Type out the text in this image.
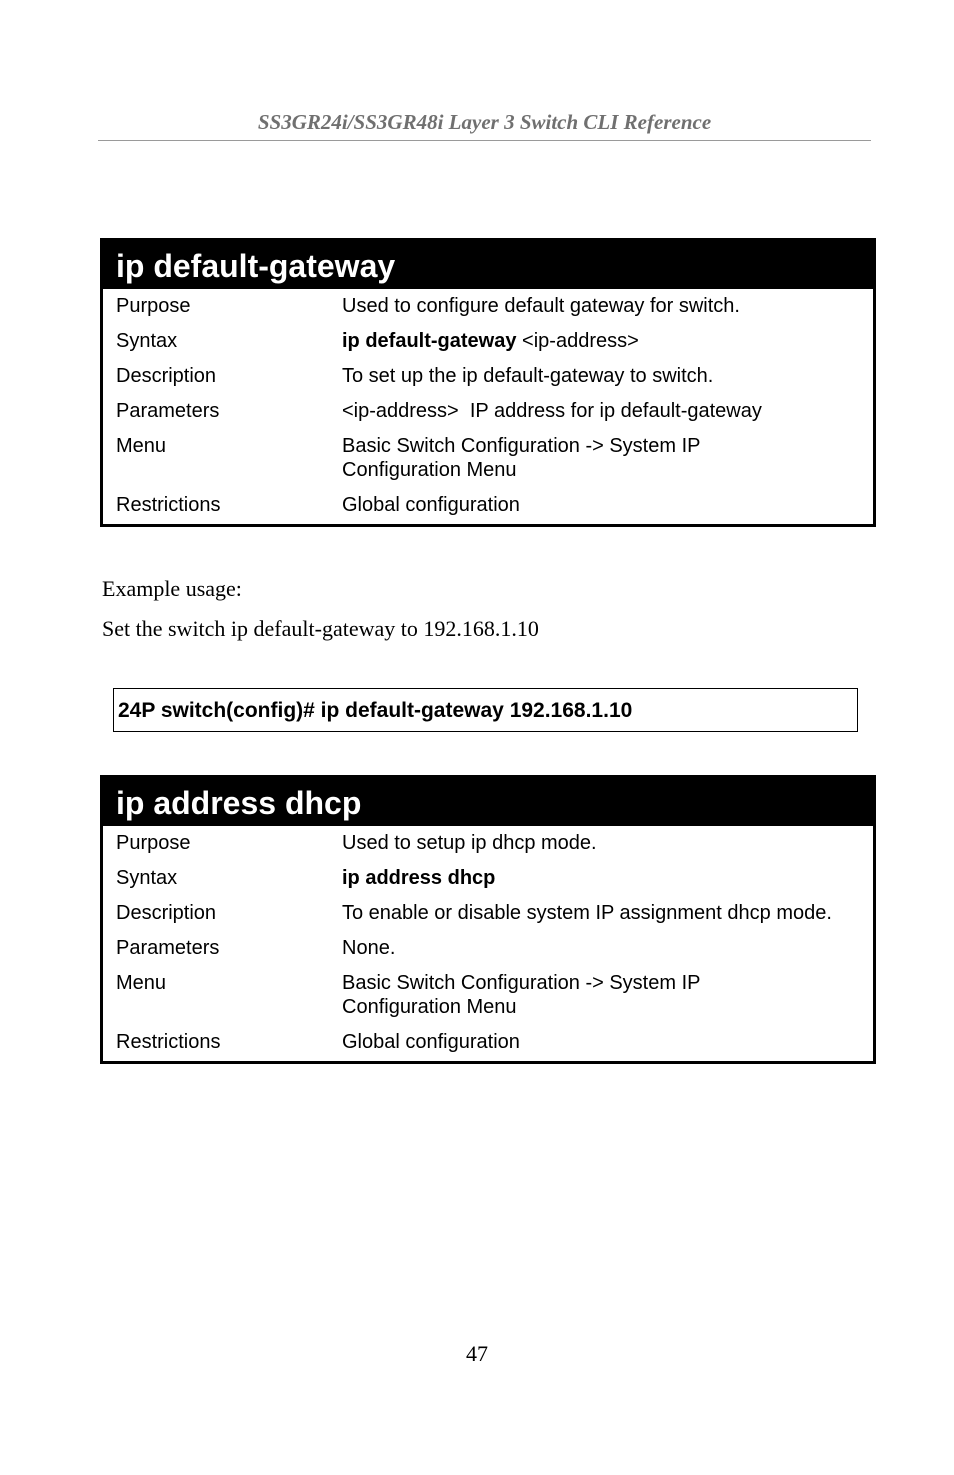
SS3GR24i/SS3GR48i Layer 3 Switch CLI Reference
ip default-gateway
Purpose	Used to configure default gateway for switch.
Syntax	ip default-gateway <ip-address>
Description	To set up the ip default-gateway to switch.
Parameters	<ip-address>  IP address for ip default-gateway
Menu	Basic Switch Configuration -> System IP Configuration Menu
Restrictions	Global configuration
Example usage:
Set the switch ip default-gateway to 192.168.1.10
24P switch(config)# ip default-gateway 192.168.1.10
ip address dhcp
Purpose	Used to setup ip dhcp mode.
Syntax	ip address dhcp
Description	To enable or disable system IP assignment dhcp mode.
Parameters	None.
Menu	Basic Switch Configuration -> System IP Configuration Menu
Restrictions	Global configuration
47
